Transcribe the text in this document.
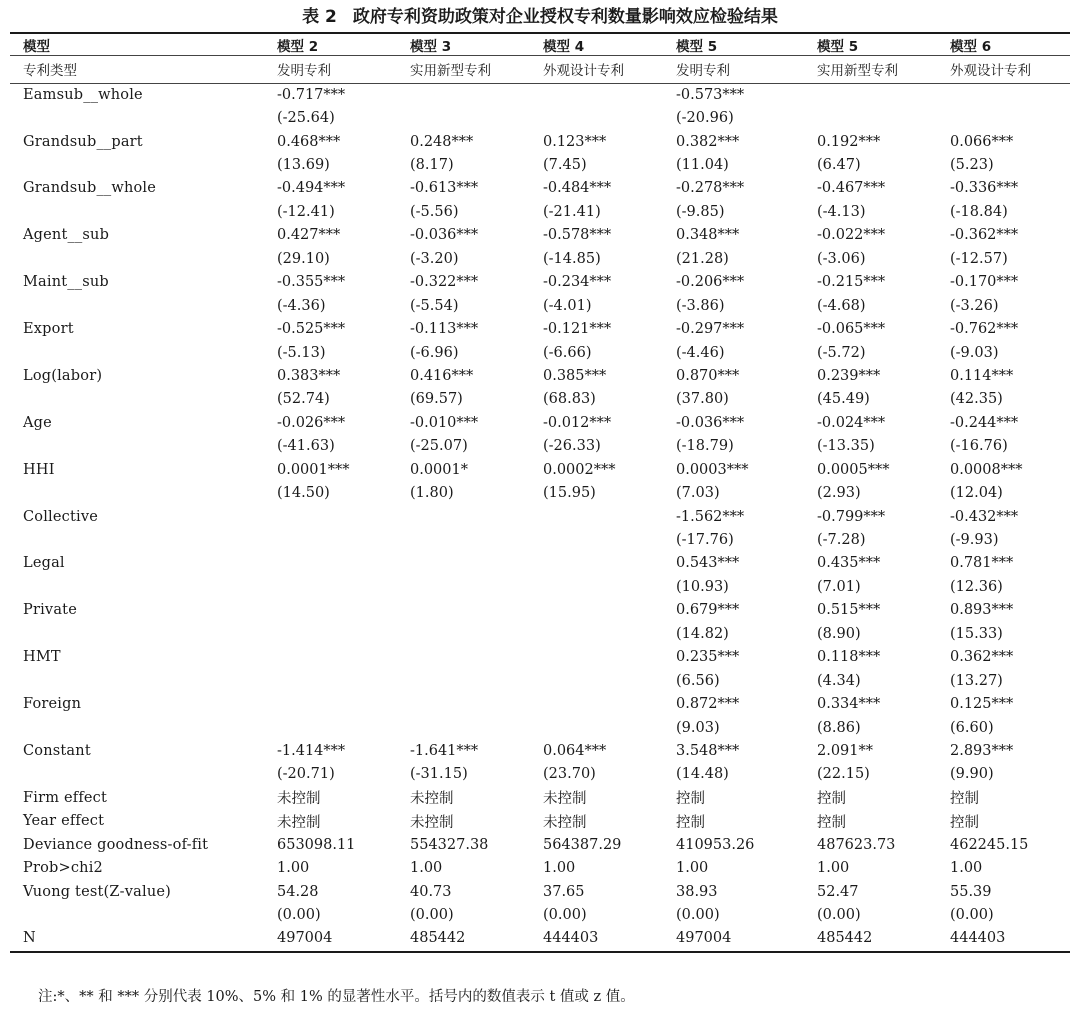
表 2 政府专利资助政策对企业授权专利数量影响效应检验结果
模型	模型 2	模型 3	模型 4	模型 5	模型 5	模型 6
专利类型	发明专利	实用新型专利	外观设计专利	发明专利	实用新型专利	外观设计专利
Eamsub__whole	-0.717***			-0.573***		
	(-25.64)			(-20.96)		
Grandsub__part	0.468***	0.248***	0.123***	0.382***	0.192***	0.066***
	(13.69)	(8.17)	(7.45)	(11.04)	(6.47)	(5.23)
Grandsub__whole	-0.494***	-0.613***	-0.484***	-0.278***	-0.467***	-0.336***
	(-12.41)	(-5.56)	(-21.41)	(-9.85)	(-4.13)	(-18.84)
Agent__sub	0.427***	-0.036***	-0.578***	0.348***	-0.022***	-0.362***
	(29.10)	(-3.20)	(-14.85)	(21.28)	(-3.06)	(-12.57)
Maint__sub	-0.355***	-0.322***	-0.234***	-0.206***	-0.215***	-0.170***
	(-4.36)	(-5.54)	(-4.01)	(-3.86)	(-4.68)	(-3.26)
Export	-0.525***	-0.113***	-0.121***	-0.297***	-0.065***	-0.762***
	(-5.13)	(-6.96)	(-6.66)	(-4.46)	(-5.72)	(-9.03)
Log(labor)	0.383***	0.416***	0.385***	0.870***	0.239***	0.114***
	(52.74)	(69.57)	(68.83)	(37.80)	(45.49)	(42.35)
Age	-0.026***	-0.010***	-0.012***	-0.036***	-0.024***	-0.244***
	(-41.63)	(-25.07)	(-26.33)	(-18.79)	(-13.35)	(-16.76)
HHI	0.0001***	0.0001*	0.0002***	0.0003***	0.0005***	0.0008***
	(14.50)	(1.80)	(15.95)	(7.03)	(2.93)	(12.04)
Collective				-1.562***	-0.799***	-0.432***
				(-17.76)	(-7.28)	(-9.93)
Legal				0.543***	0.435***	0.781***
				(10.93)	(7.01)	(12.36)
Private				0.679***	0.515***	0.893***
				(14.82)	(8.90)	(15.33)
HMT				0.235***	0.118***	0.362***
				(6.56)	(4.34)	(13.27)
Foreign				0.872***	0.334***	0.125***
				(9.03)	(8.86)	(6.60)
Constant	-1.414***	-1.641***	0.064***	3.548***	2.091**	2.893***
	(-20.71)	(-31.15)	(23.70)	(14.48)	(22.15)	(9.90)
Firm effect	未控制	未控制	未控制	控制	控制	控制
Year effect	未控制	未控制	未控制	控制	控制	控制
Deviance goodness-of-fit	653098.11	554327.38	564387.29	410953.26	487623.73	462245.15
Prob>chi2	1.00	1.00	1.00	1.00	1.00	1.00
Vuong test(Z-value)	54.28	40.73	37.65	38.93	52.47	55.39
	(0.00)	(0.00)	(0.00)	(0.00)	(0.00)	(0.00)
N	497004	485442	444403	497004	485442	444403
注:*、** 和 *** 分别代表 10%、5% 和 1% 的显著性水平。括号内的数值表示 t 值或 z 值。
